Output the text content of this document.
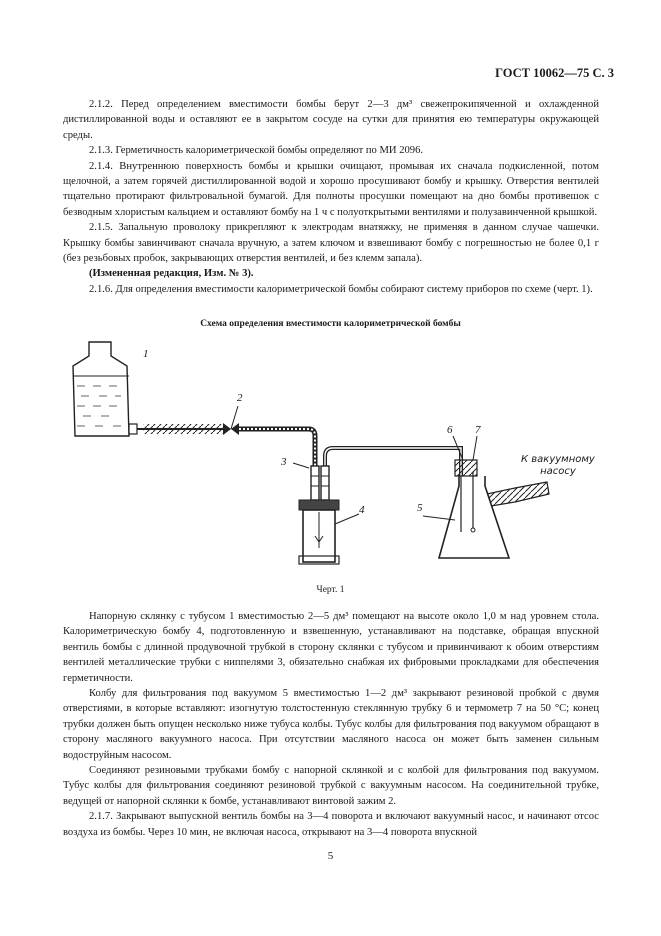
ГОСТ 10062—75 С. 3

2.1.2. Перед определением вместимости бомбы берут 2—3 дм³ свежепрокипяченной и охлажденной дистиллированной воды и оставляют ее в закрытом сосуде на сутки для принятия ею температуры окружающей среды.

2.1.3. Герметичность калориметрической бомбы определяют по МИ 2096.

2.1.4. Внутреннюю поверхность бомбы и крышки очищают, промывая их сначала подкисленной, потом щелочной, а затем горячей дистиллированной водой и хорошо просушивают бомбу и крышку. Отверстия вентилей тщательно протирают фильтровальной бумагой. Для полноты просушки помещают на дно бомбы противешок с безводным хлористым кальцием и оставляют бомбу на 1 ч с полуоткрытыми вентилями и полузавинченной крышкой.

2.1.5. Запальную проволоку прикрепляют к электродам внатяжку, не применяя в данном случае чашечки. Крышку бомбы завинчивают сначала вручную, а затем ключом и взвешивают бомбу с погрешностью не более 0,1 г (без резьбовых пробок, закрывающих отверстия вентилей, и без клемм запала).

(Измененная редакция, Изм. № 3).

2.1.6. Для определения вместимости калориметрической бомбы собирают систему приборов по схеме (черт. 1).

Схема определения вместимости калориметрической бомбы
1
2
3
4	5
6 7
К вакуумному
насосу
Черт. 1

Напорную склянку с тубусом 1 вместимостью 2—5 дм³ помещают на высоте около 1,0 м над уровнем стола. Калориметрическую бомбу 4, подготовленную и взвешенную, устанавливают на подставке, обращая впускной вентиль бомбы с длинной продувочной трубкой в сторону склянки с тубусом и привинчивают к обоим отверстиям вентилей металлические трубки с ниппелями 3, обязательно снабжая их фибровыми прокладками для обеспечения герметичности.

Колбу для фильтрования под вакуумом 5 вместимостью 1—2 дм³ закрывают резиновой пробкой с двумя отверстиями, в которые вставляют: изогнутую толстостенную стеклянную трубку 6 и термометр 7 на 50 °С; конец трубки должен быть опущен несколько ниже тубуса колбы. Тубус колбы для фильтрования под вакуумом обращают в сторону масляного вакуумного насоса. При отсутствии масляного насоса он может быть заменен сильным водоструйным насосом.

Соединяют резиновыми трубками бомбу с напорной склянкой и с колбой для фильтрования под вакуумом. Тубус колбы для фильтрования соединяют резиновой трубкой с вакуумным насосом. На соединительной трубке, ведущей от напорной склянки к бомбе, устанавливают винтовой зажим 2.

2.1.7. Закрывают выпускной вентиль бомбы на 3—4 поворота и включают вакуумный насос, и начинают отсос воздуха из бомбы. Через 10 мин, не включая насоса, открывают на 3—4 поворота впускной

5
